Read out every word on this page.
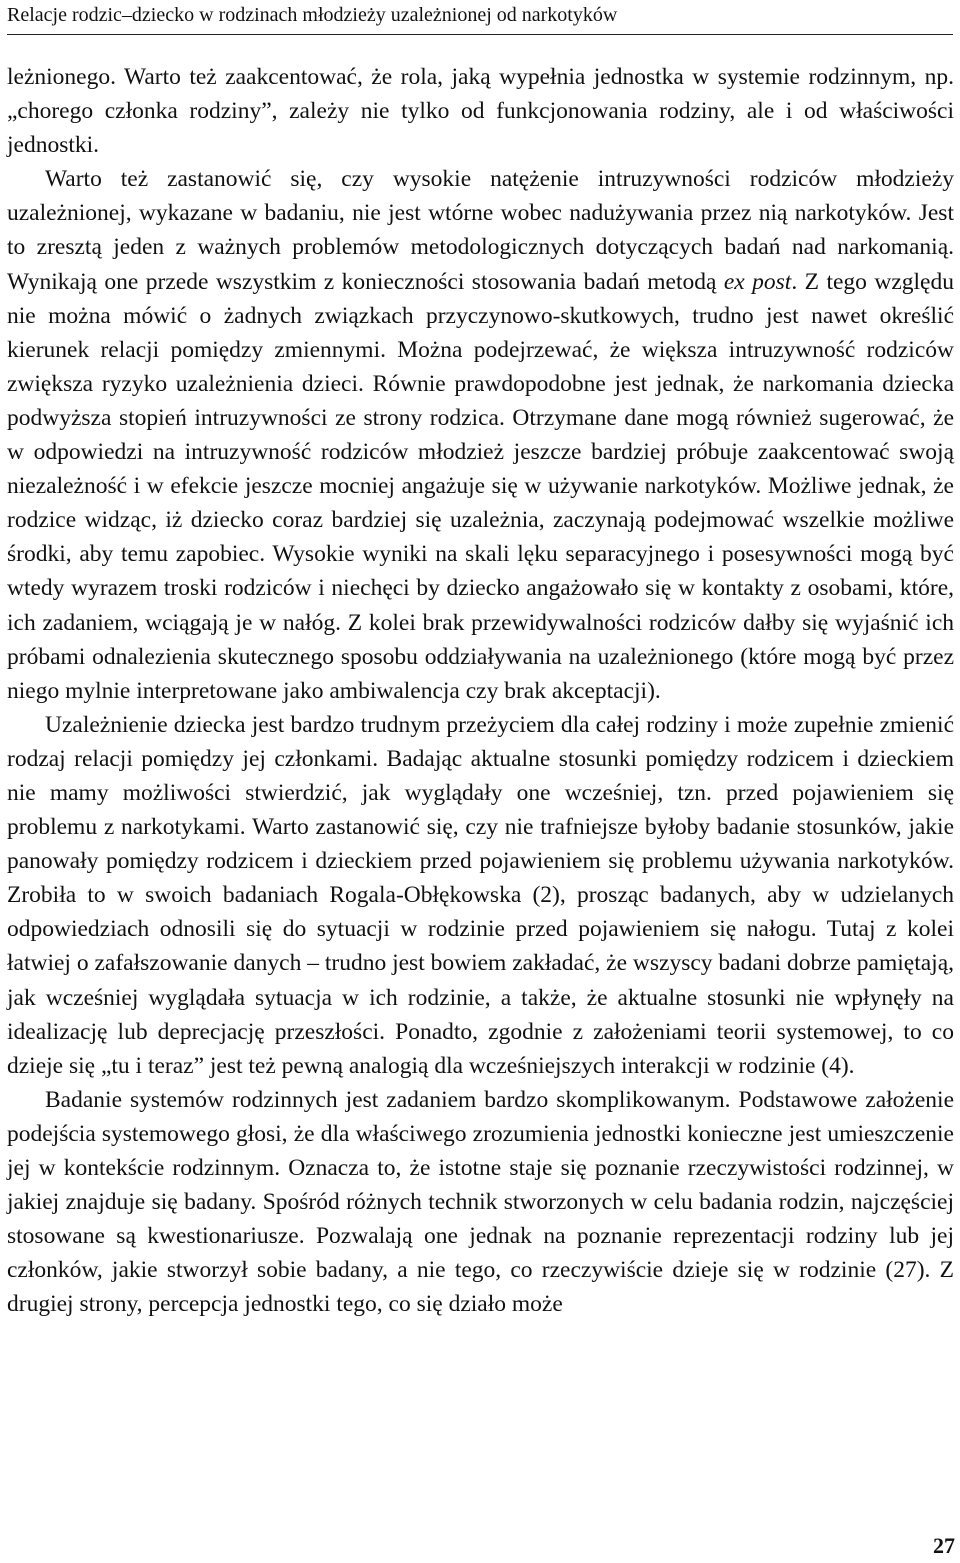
Relacje rodzic–dziecko w rodzinach młodzieży uzależnionej od narkotyków

leżnionego. Warto też zaakcentować, że rola, jaką wypełnia jednostka w systemie rodzinnym, np. „chorego członka rodziny”, zależy nie tylko od funkcjonowania rodziny, ale i od właściwości jednostki.

Warto też zastanowić się, czy wysokie natężenie intruzywności rodziców młodzieży uzależnionej, wykazane w badaniu, nie jest wtórne wobec nadużywania przez nią narkotyków. Jest to zresztą jeden z ważnych problemów metodologicznych dotyczących badań nad narkomanią. Wynikają one przede wszystkim z konieczności stosowania badań metodą ex post. Z tego względu nie można mówić o żadnych związkach przyczynowo-skutkowych, trudno jest nawet określić kierunek relacji pomiędzy zmiennymi. Można podejrzewać, że większa intruzywność rodziców zwiększa ryzyko uzależnienia dzieci. Równie prawdopodobne jest jednak, że narkomania dziecka podwyższa stopień intruzywności ze strony rodzica. Otrzymane dane mogą również sugerować, że w odpowiedzi na intruzywność rodziców młodzież jeszcze bardziej próbuje zaakcentować swoją niezależność i w efekcie jeszcze mocniej angażuje się w używanie narkotyków. Możliwe jednak, że rodzice widząc, iż dziecko coraz bardziej się uzależnia, zaczynają podejmować wszelkie możliwe środki, aby temu zapobiec. Wysokie wyniki na skali lęku separacyjnego i posesywności mogą być wtedy wyrazem troski rodziców i niechęci by dziecko angażowało się w kontakty z osobami, które, ich zadaniem, wciągają je w nałóg. Z kolei brak przewidywalności rodziców dałby się wyjaśnić ich próbami odnalezienia skutecznego sposobu oddziaływania na uzależnionego (które mogą być przez niego mylnie interpretowane jako ambiwalencja czy brak akceptacji).

Uzależnienie dziecka jest bardzo trudnym przeżyciem dla całej rodziny i może zupełnie zmienić rodzaj relacji pomiędzy jej członkami. Badając aktualne stosunki pomiędzy rodzicem i dzieckiem nie mamy możliwości stwierdzić, jak wyglądały one wcześniej, tzn. przed pojawieniem się problemu z narkotykami. Warto zastanowić się, czy nie trafniejsze byłoby badanie stosunków, jakie panowały pomiędzy rodzicem i dzieckiem przed pojawieniem się problemu używania narkotyków. Zrobiła to w swoich badaniach Rogala-Obłękowska (2), prosząc badanych, aby w udzielanych odpowiedziach odnosili się do sytuacji w rodzinie przed pojawieniem się nałogu. Tutaj z kolei łatwiej o zafałszowanie danych – trudno jest bowiem zakładać, że wszyscy badani dobrze pamiętają, jak wcześniej wyglądała sytuacja w ich rodzinie, a także, że aktualne stosunki nie wpłynęły na idealizację lub deprecjację przeszłości. Ponadto, zgodnie z założeniami teorii systemowej, to co dzieje się „tu i teraz” jest też pewną analogią dla wcześniejszych interakcji w rodzinie (4).

Badanie systemów rodzinnych jest zadaniem bardzo skomplikowanym. Podstawowe założenie podejścia systemowego głosi, że dla właściwego zrozumienia jednostki konieczne jest umieszczenie jej w kontekście rodzinnym. Oznacza to, że istotne staje się poznanie rzeczywistości rodzinnej, w jakiej znajduje się badany. Spośród różnych technik stworzonych w celu badania rodzin, najczęściej stosowane są kwestionariusze. Pozwalają one jednak na poznanie reprezentacji rodziny lub jej członków, jakie stworzył sobie badany, a nie tego, co rzeczywiście dzieje się w rodzinie (27). Z drugiej strony, percepcja jednostki tego, co się działo może

27
